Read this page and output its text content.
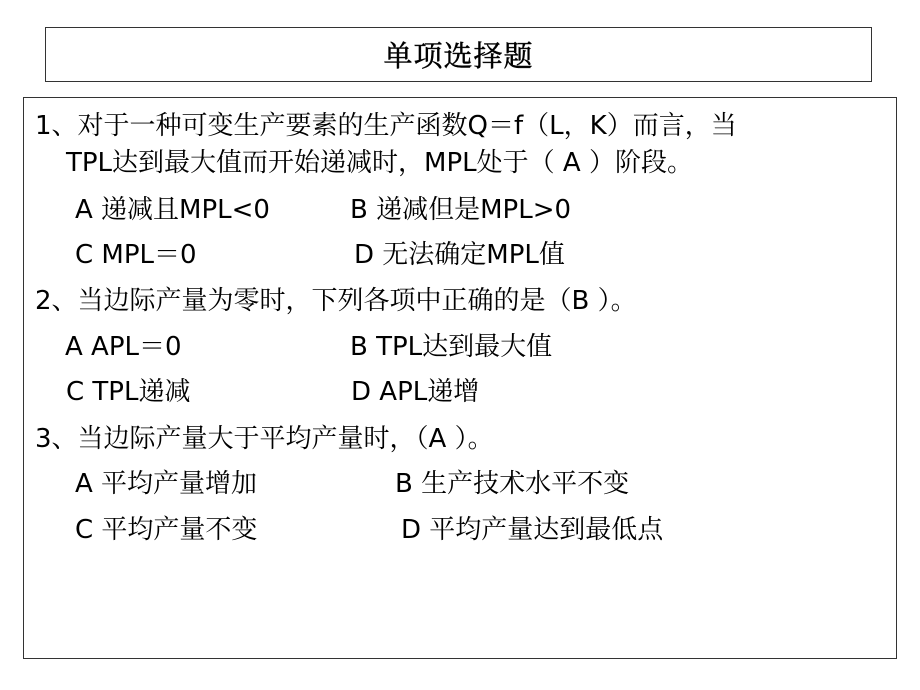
单项选择题
1、对于一种可变生产要素的生产函数Q＝f（L，K）而言，当
TPL达到最大值而开始递减时，MPL处于（ A ）阶段。
A 递减且MPL<0	B 递减但是MPL>0
C MPL＝0	D 无法确定MPL值
2、当边际产量为零时，下列各项中正确的是（B ）。
A APL＝0	B TPL达到最大值
C TPL递减	D APL递增
3、当边际产量大于平均产量时，（A ）。
A 平均产量增加	B 生产技术水平不变
C 平均产量不变	D 平均产量达到最低点
